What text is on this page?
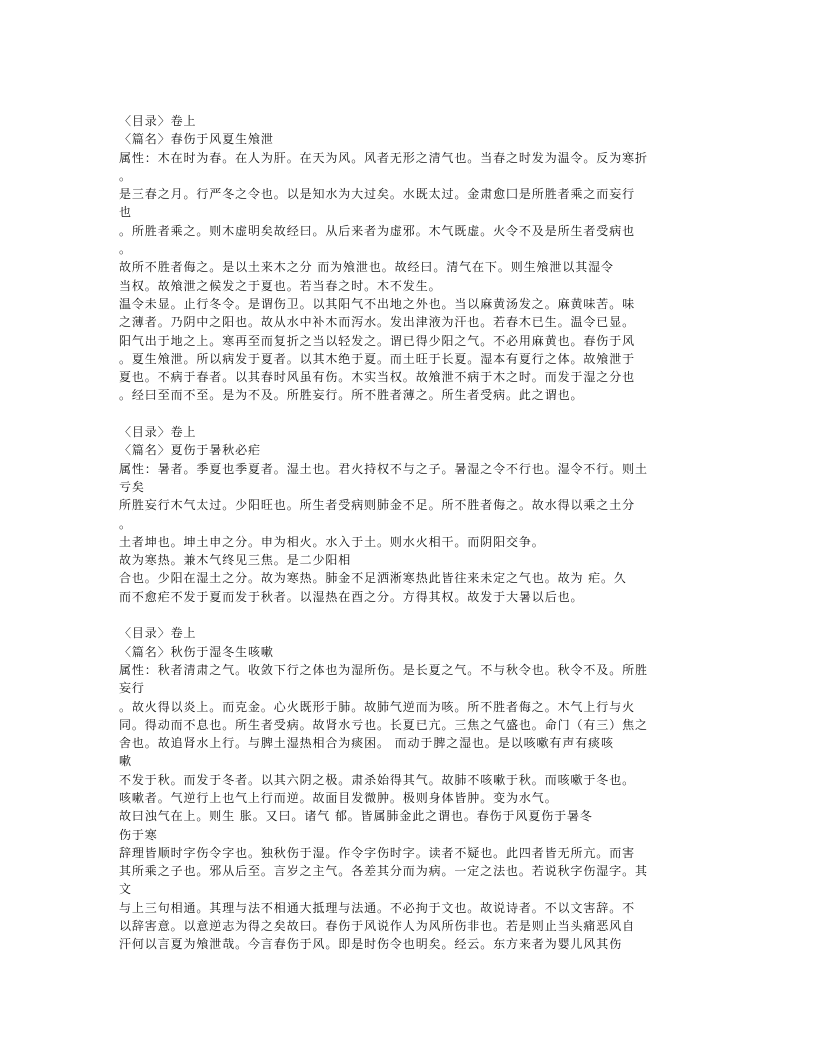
〈目录〉卷上
〈篇名〉春伤于风夏生飧泄
属性：木在时为春。在人为肝。在天为风。风者无形之清气也。当春之时发为温令。反为寒折
。
是三春之月。行严冬之令也。以是知水为大过矣。水既太过。金肃愈囗是所胜者乘之而妄行
也
。所胜者乘之。则木虚明矣故经曰。从后来者为虚邪。木气既虚。火令不及是所生者受病也
。
故所不胜者侮之。是以土来木之分 而为飧泄也。故经曰。清气在下。则生飧泄以其湿令
当权。故飧泄之候发之于夏也。若当春之时。木不发生。
温令未显。止行冬令。是谓伤卫。以其阳气不出地之外也。当以麻黄汤发之。麻黄味苦。味
之薄者。乃阴中之阳也。故从水中补木而泻水。发出津液为汗也。若春木已生。温令已显。
阳气出于地之上。寒再至而复折之当以轻发之。谓已得少阳之气。不必用麻黄也。春伤于风
。夏生飧泄。所以病发于夏者。以其木绝于夏。而土旺于长夏。湿本有夏行之体。故飧泄于
夏也。不病于春者。以其春时风虽有伤。木实当权。故飧泄不病于木之时。而发于湿之分也
。经曰至而不至。是为不及。所胜妄行。所不胜者薄之。所生者受病。此之谓也。
〈目录〉卷上
〈篇名〉夏伤于暑秋必疟
属性：暑者。季夏也季夏者。湿土也。君火持权不与之子。暑湿之令不行也。湿令不行。则土
亏矣
所胜妄行木气太过。少阳旺也。所生者受病则肺金不足。所不胜者侮之。故水得以乘之土分
。
土者坤也。坤土申之分。申为相火。水入于土。则水火相干。而阴阳交争。
故为寒热。兼木气终见三焦。是二少阳相
合也。少阳在湿土之分。故为寒热。肺金不足洒淅寒热此皆往来未定之气也。故为 疟。久
而不愈疟不发于夏而发于秋者。以湿热在酉之分。方得其权。故发于大暑以后也。
〈目录〉卷上
〈篇名〉秋伤于湿冬生咳嗽
属性：秋者清肃之气。收敛下行之体也为湿所伤。是长夏之气。不与秋令也。秋令不及。所胜
妄行
。故火得以炎上。而克金。心火既形于肺。故肺气逆而为咳。所不胜者侮之。木气上行与火
同。得动而不息也。所生者受病。故肾水亏也。长夏已亢。三焦之气盛也。命门（有三）焦之
舍也。故追肾水上行。与脾土湿热相合为痰困。 而动于脾之湿也。是以咳嗽有声有痰咳
嗽
不发于秋。而发于冬者。以其六阴之极。肃杀始得其气。故肺不咳嗽于秋。而咳嗽于冬也。
咳嗽者。气逆行上也气上行而逆。故面目发微肿。极则身体皆肿。变为水气。
故曰浊气在上。则生 胀。又曰。诸气 郁。皆属肺金此之谓也。春伤于风夏伤于暑冬
伤于寒
辞理皆顺时字伤令字也。独秋伤于湿。作令字伤时字。读者不疑也。此四者皆无所亢。而害
其所乘之子也。邪从后至。言岁之主气。各差其分而为病。一定之法也。若说秋字伤湿字。其
文
与上三句相通。其理与法不相通大抵理与法通。不必拘于文也。故说诗者。不以文害辞。不
以辞害意。以意逆志为得之矣故曰。春伤于风说作人为风所伤非也。若是则止当头痛恶风自
汗何以言夏为飧泄哉。今言春伤于风。即是时伤令也明矣。经云。东方来者为婴儿风其伤
